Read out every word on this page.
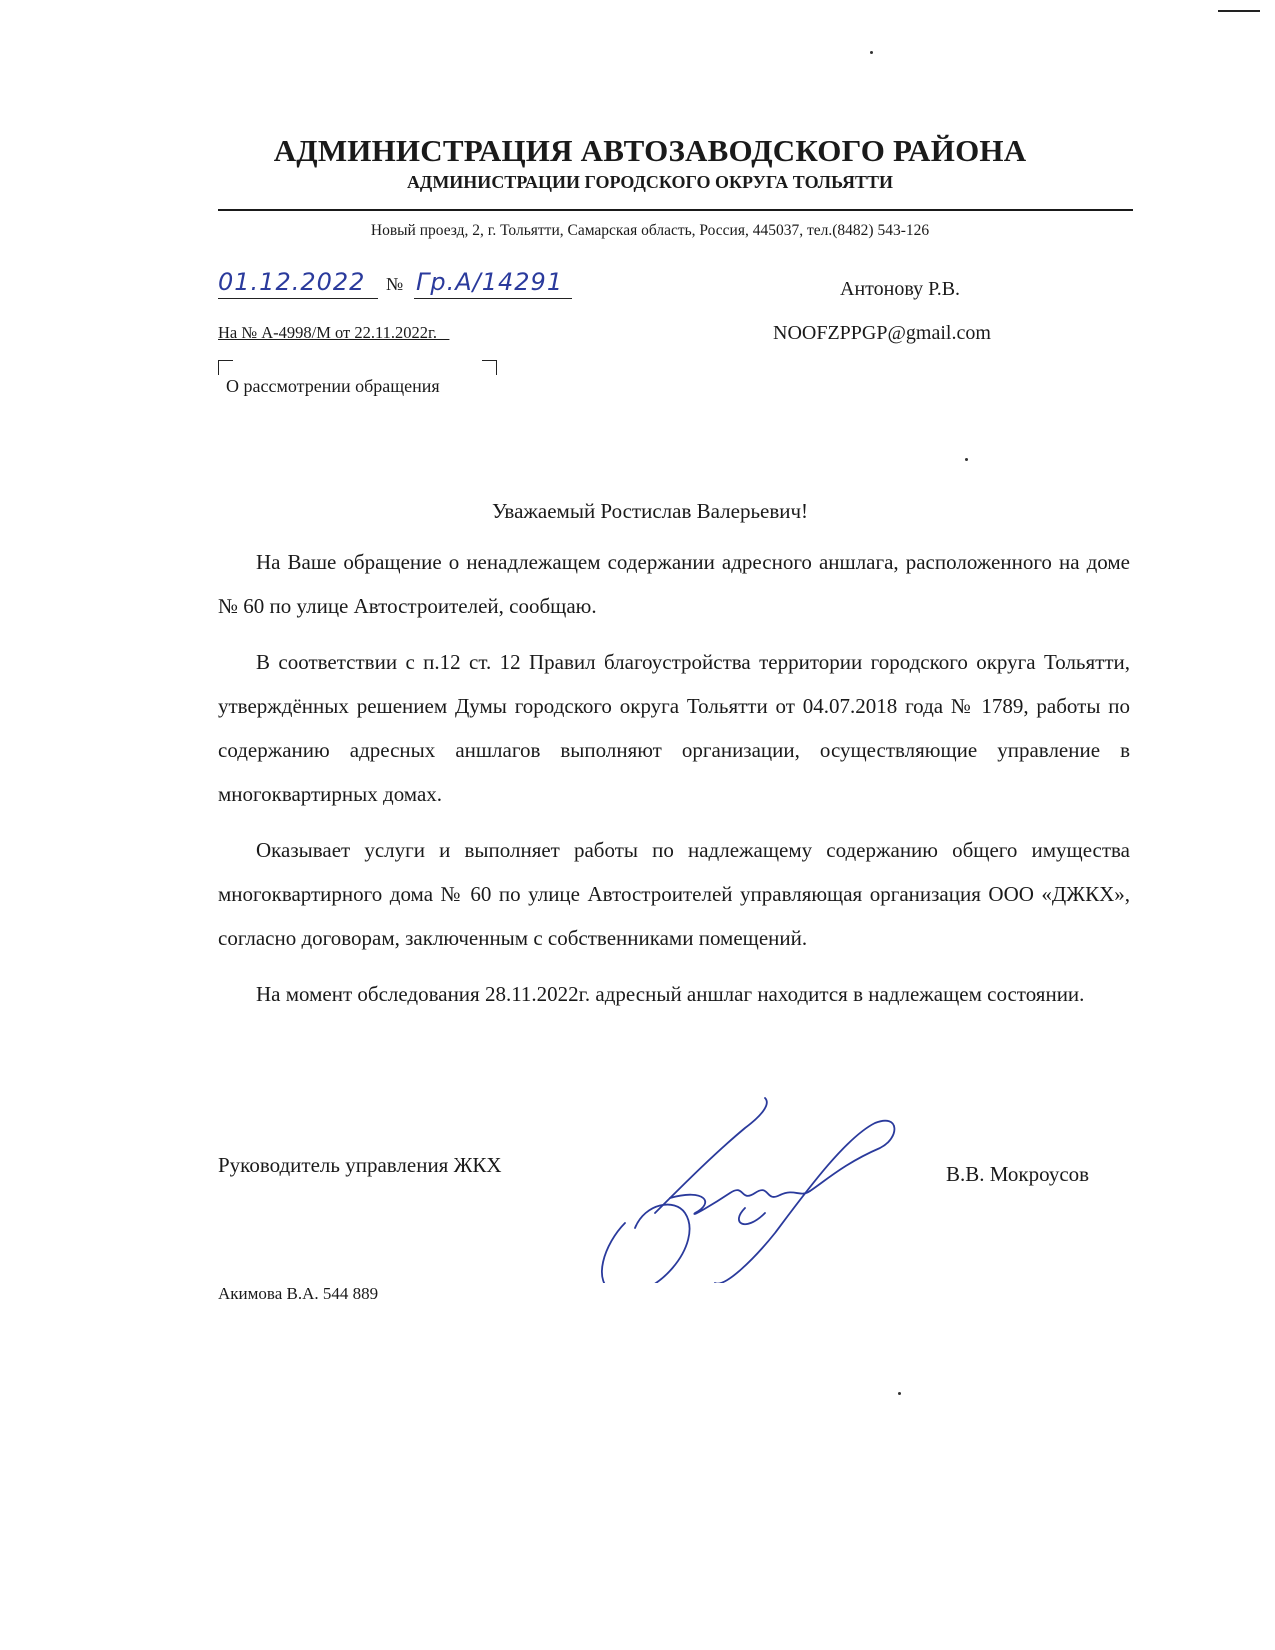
АДМИНИСТРАЦИЯ АВТОЗАВОДСКОГО РАЙОНА
АДМИНИСТРАЦИИ ГОРОДСКОГО ОКРУГА ТОЛЬЯТТИ
Новый проезд, 2, г. Тольятти, Самарская область, Россия, 445037, тел.(8482) 543-126
01.12.2022 № Гр.А/14291
На № А-4998/М от 22.11.2022г.
О рассмотрении обращения
Антонову Р.В.
NOOFZPPGP@gmail.com
Уважаемый Ростислав Валерьевич!

На Ваше обращение о ненадлежащем содержании адресного аншлага, расположенного на доме № 60 по улице Автостроителей, сообщаю.

В соответствии с п.12 ст. 12 Правил благоустройства территории городского округа Тольятти, утверждённых решением Думы городского округа Тольятти от 04.07.2018 года № 1789, работы по содержанию адресных аншлагов выполняют организации, осуществляющие управление в многоквартирных домах.

Оказывает услуги и выполняет работы по надлежащему содержанию общего имущества многоквартирного дома № 60 по улице Автостроителей управляющая организация ООО «ДЖКХ», согласно договорам, заключенным с собственниками помещений.

На момент обследования 28.11.2022г. адресный аншлаг находится в надлежащем состоянии.

Руководитель управления ЖКХ	В.В. Мокроусов
Акимова В.А. 544 889
